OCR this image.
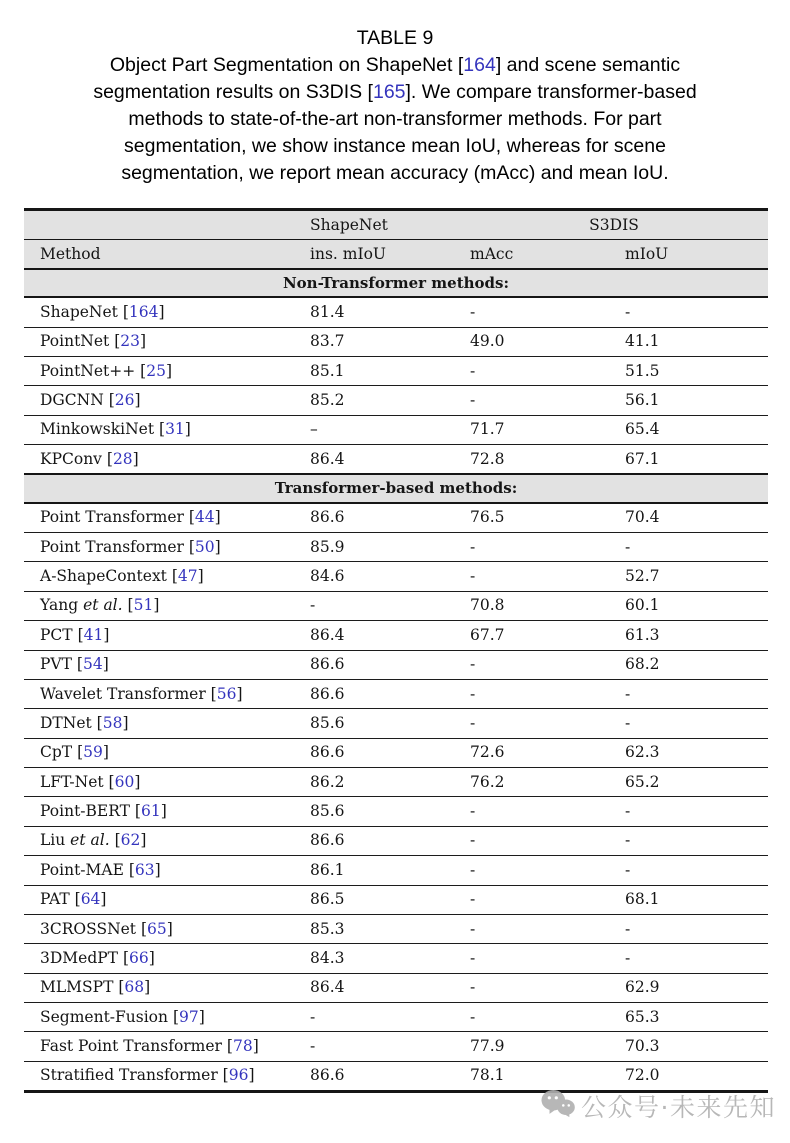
TABLE 9
Object Part Segmentation on ShapeNet [164] and scene semantic
segmentation results on S3DIS [165]. We compare transformer-based
methods to state-of-the-art non-transformer methods. For part
segmentation, we show instance mean IoU, whereas for scene
segmentation, we report mean accuracy (mAcc) and mean IoU.
	ShapeNet	S3DIS	
Method	ins. mIoU	mAcc	mIoU
Non-Transformer methods:			
ShapeNet [164]	81.4	-	-
PointNet [23]	83.7	49.0	41.1
PointNet++ [25]	85.1	-	51.5
DGCNN [26]	85.2	-	56.1
MinkowskiNet [31]	–	71.7	65.4
KPConv [28]	86.4	72.8	67.1
Transformer-based methods:			
Point Transformer [44]	86.6	76.5	70.4
Point Transformer [50]	85.9	-	-
A-ShapeContext [47]	84.6	-	52.7
Yang et al. [51]	-	70.8	60.1
PCT [41]	86.4	67.7	61.3
PVT [54]	86.6	-	68.2
Wavelet Transformer [56]	86.6	-	-
DTNet [58]	85.6	-	-
CpT [59]	86.6	72.6	62.3
LFT-Net [60]	86.2	76.2	65.2
Point-BERT [61]	85.6	-	-
Liu et al. [62]	86.6	-	-
Point-MAE [63]	86.1	-	-
PAT [64]	86.5	-	68.1
3CROSSNet [65]	85.3	-	-
3DMedPT [66]	84.3	-	-
MLMSPT [68]	86.4	-	62.9
Segment-Fusion [97]	-	-	65.3
Fast Point Transformer [78]	-	77.9	70.3
Stratified Transformer [96]	86.6	78.1	72.0
公众号·未来先知
